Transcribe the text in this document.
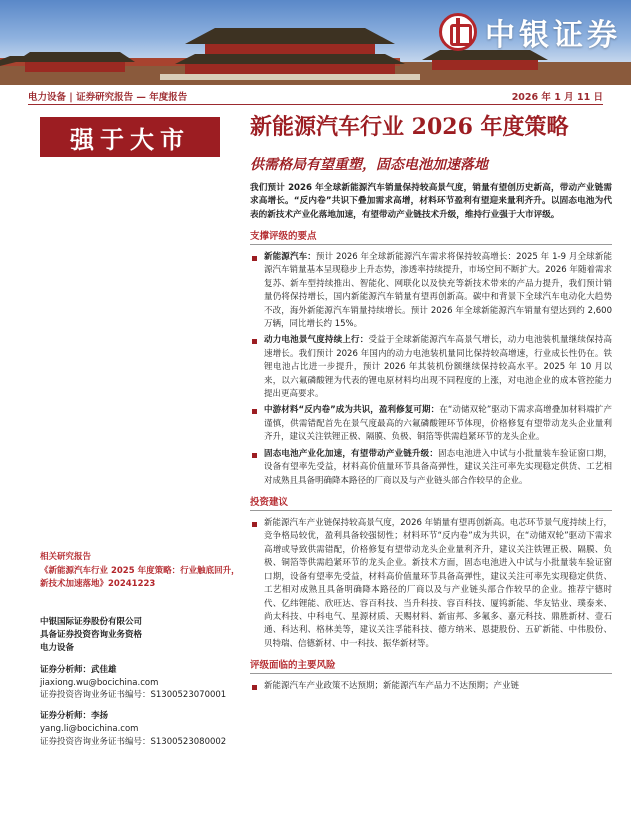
中银证券
电力设备 | 证券研究报告 — 年度报告	2026 年 1 月 11 日
强于大市	新能源汽车行业 2026 年度策略
供需格局有望重塑，固态电池加速落地
我们预计 2026 年全球新能源汽车销量保持较高景气度，销量有望创历史新高，带动产业链需求高增长。“反内卷”共识下叠加需求高增，材料环节盈利有望迎来量利齐升。以固态电池为代表的新技术产业化落地加速，有望带动产业链技术升级，维持行业强于大市评级。
支撑评级的要点
新能源汽车：预计 2026 年全球新能源汽车需求将保持较高增长：2025 年 1-9 月全球新能源汽车销量基本呈现稳步上升态势，渗透率持续提升，市场空间不断扩大。2026 年随着需求复苏、新车型持续推出、智能化、网联化以及快充等新技术带来的产品力提升，我们预计销量仍将保持增长，国内新能源汽车销量有望再创新高。碳中和背景下全球汽车电动化大趋势不改，海外新能源汽车销量持续增长。预计 2026 年全球新能源汽车销量有望达到约 2,600 万辆，同比增长约 15%。
动力电池景气度持续上行：受益于全球新能源汽车高景气增长，动力电池装机量继续保持高速增长。我们预计 2026 年国内的动力电池装机量同比保持较高增速，行业成长性仍在。铁锂电池占比进一步提升，预计 2026 年其装机份额继续保持较高水平。2025 年 10 月以来，以六氟磷酸锂为代表的锂电原材料均出现不同程度的上涨，对电池企业的成本管控能力提出更高要求。
中游材料“反内卷”成为共识，盈利修复可期：在“动储双轮”驱动下需求高增叠加材料端扩产谨慎，供需错配首先在景气度最高的六氟磷酸锂环节体现，价格修复有望带动龙头企业量利齐升，建议关注铁锂正极、隔膜、负极、铜箔等供需趋紧环节的龙头企业。
固态电池产业化加速，有望带动产业链升级：固态电池进入中试与小批量装车验证窗口期，设备有望率先受益，材料高价值量环节具备高弹性，建议关注可率先实现稳定供货、工艺相对成熟且具备明确降本路径的厂商以及与产业链头部合作较早的企业。
投资建议
新能源汽车产业链保持较高景气度，2026 年销量有望再创新高。电芯环节景气度持续上行，竞争格局较优，盈利具备较强韧性；材料环节“反内卷”成为共识，在“动储双轮”驱动下需求高增或导致供需错配，价格修复有望带动龙头企业量利齐升，建议关注铁锂正极、隔膜、负极、铜箔等供需趋紧环节的龙头企业。新技术方面，固态电池进入中试与小批量装车验证窗口期，设备有望率先受益，材料高价值量环节具备高弹性，建议关注可率先实现稳定供货、工艺相对成熟且具备明确降本路径的厂商以及与产业链头部合作较早的企业。推荐宁德时代、亿纬锂能、欣旺达、容百科技、当升科技、容百科技、厦钨新能、华友钴业、璞泰来、尚太科技、中科电气、星源材质、天赐材料、新宙邦、多氟多、嘉元科技、鼎胜新材、壹石通、科达利、格林美等，建议关注孚能科技、德方纳米、恩捷股份、五矿新能、中伟股份、贝特瑞、信德新材、中一科技、振华新材等。
评级面临的主要风险
新能源汽车产业政策不达预期；新能源汽车产品力不达预期；产业链
相关研究报告
《新能源汽车行业 2025 年度策略：行业触底回升，新技术加速落地》20241223
中银国际证券股份有限公司
具备证券投资咨询业务资格
电力设备
证券分析师：武佳雄
jiaxiong.wu@bocichina.com
证券投资咨询业务证书编号：S1300523070001
证券分析师：李扬
yang.li@bocichina.com
证券投资咨询业务证书编号：S1300523080002
